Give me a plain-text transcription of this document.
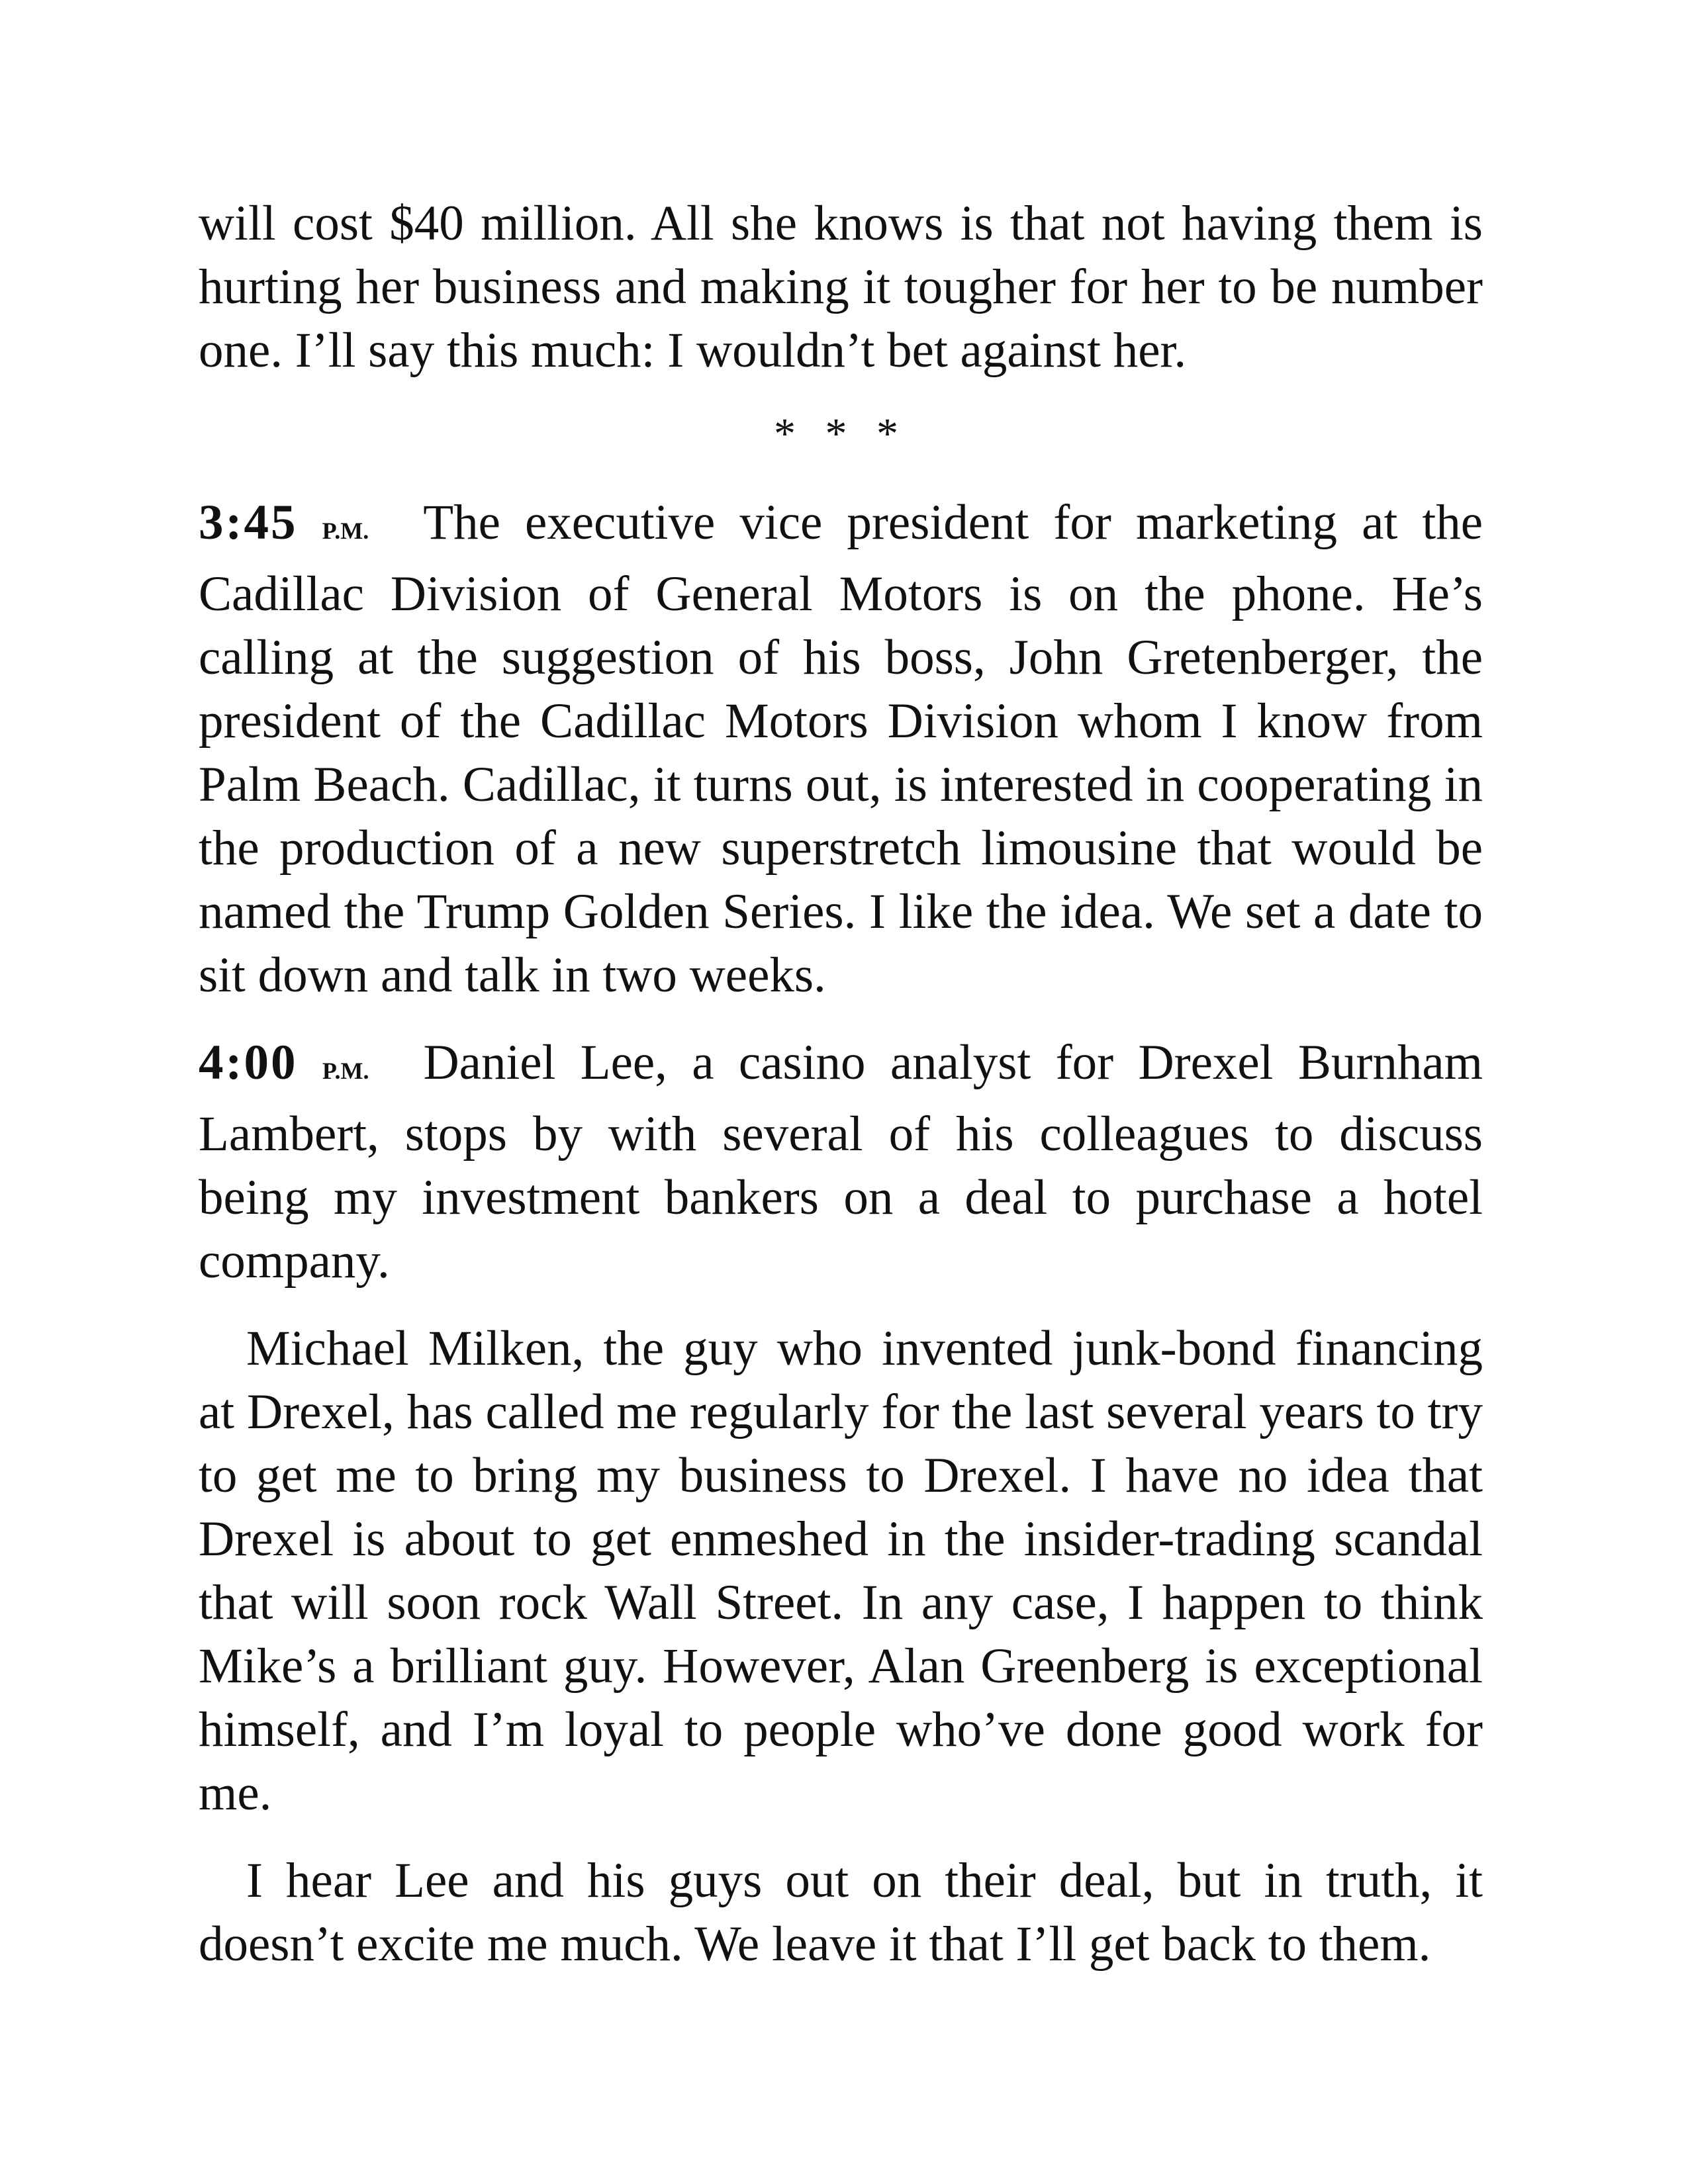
will cost $40 million. All she knows is that not having them is hurting her business and making it tougher for her to be number one. I’ll say this much: I wouldn’t bet against her.

* * *

3:45 P.M. The executive vice president for marketing at the Cadillac Division of General Motors is on the phone. He’s calling at the suggestion of his boss, John Gretenberger, the president of the Cadillac Motors Division whom I know from Palm Beach. Cadillac, it turns out, is interested in cooperating in the production of a new superstretch limousine that would be named the Trump Golden Series. I like the idea. We set a date to sit down and talk in two weeks.

4:00 P.M. Daniel Lee, a casino analyst for Drexel Burnham Lambert, stops by with several of his colleagues to discuss being my investment bankers on a deal to purchase a hotel company.

Michael Milken, the guy who invented junk-bond financing at Drexel, has called me regularly for the last several years to try to get me to bring my business to Drexel. I have no idea that Drexel is about to get enmeshed in the insider-trading scandal that will soon rock Wall Street. In any case, I happen to think Mike’s a brilliant guy. However, Alan Greenberg is exceptional himself, and I’m loyal to people who’ve done good work for me.

I hear Lee and his guys out on their deal, but in truth, it doesn’t excite me much. We leave it that I’ll get back to them.
